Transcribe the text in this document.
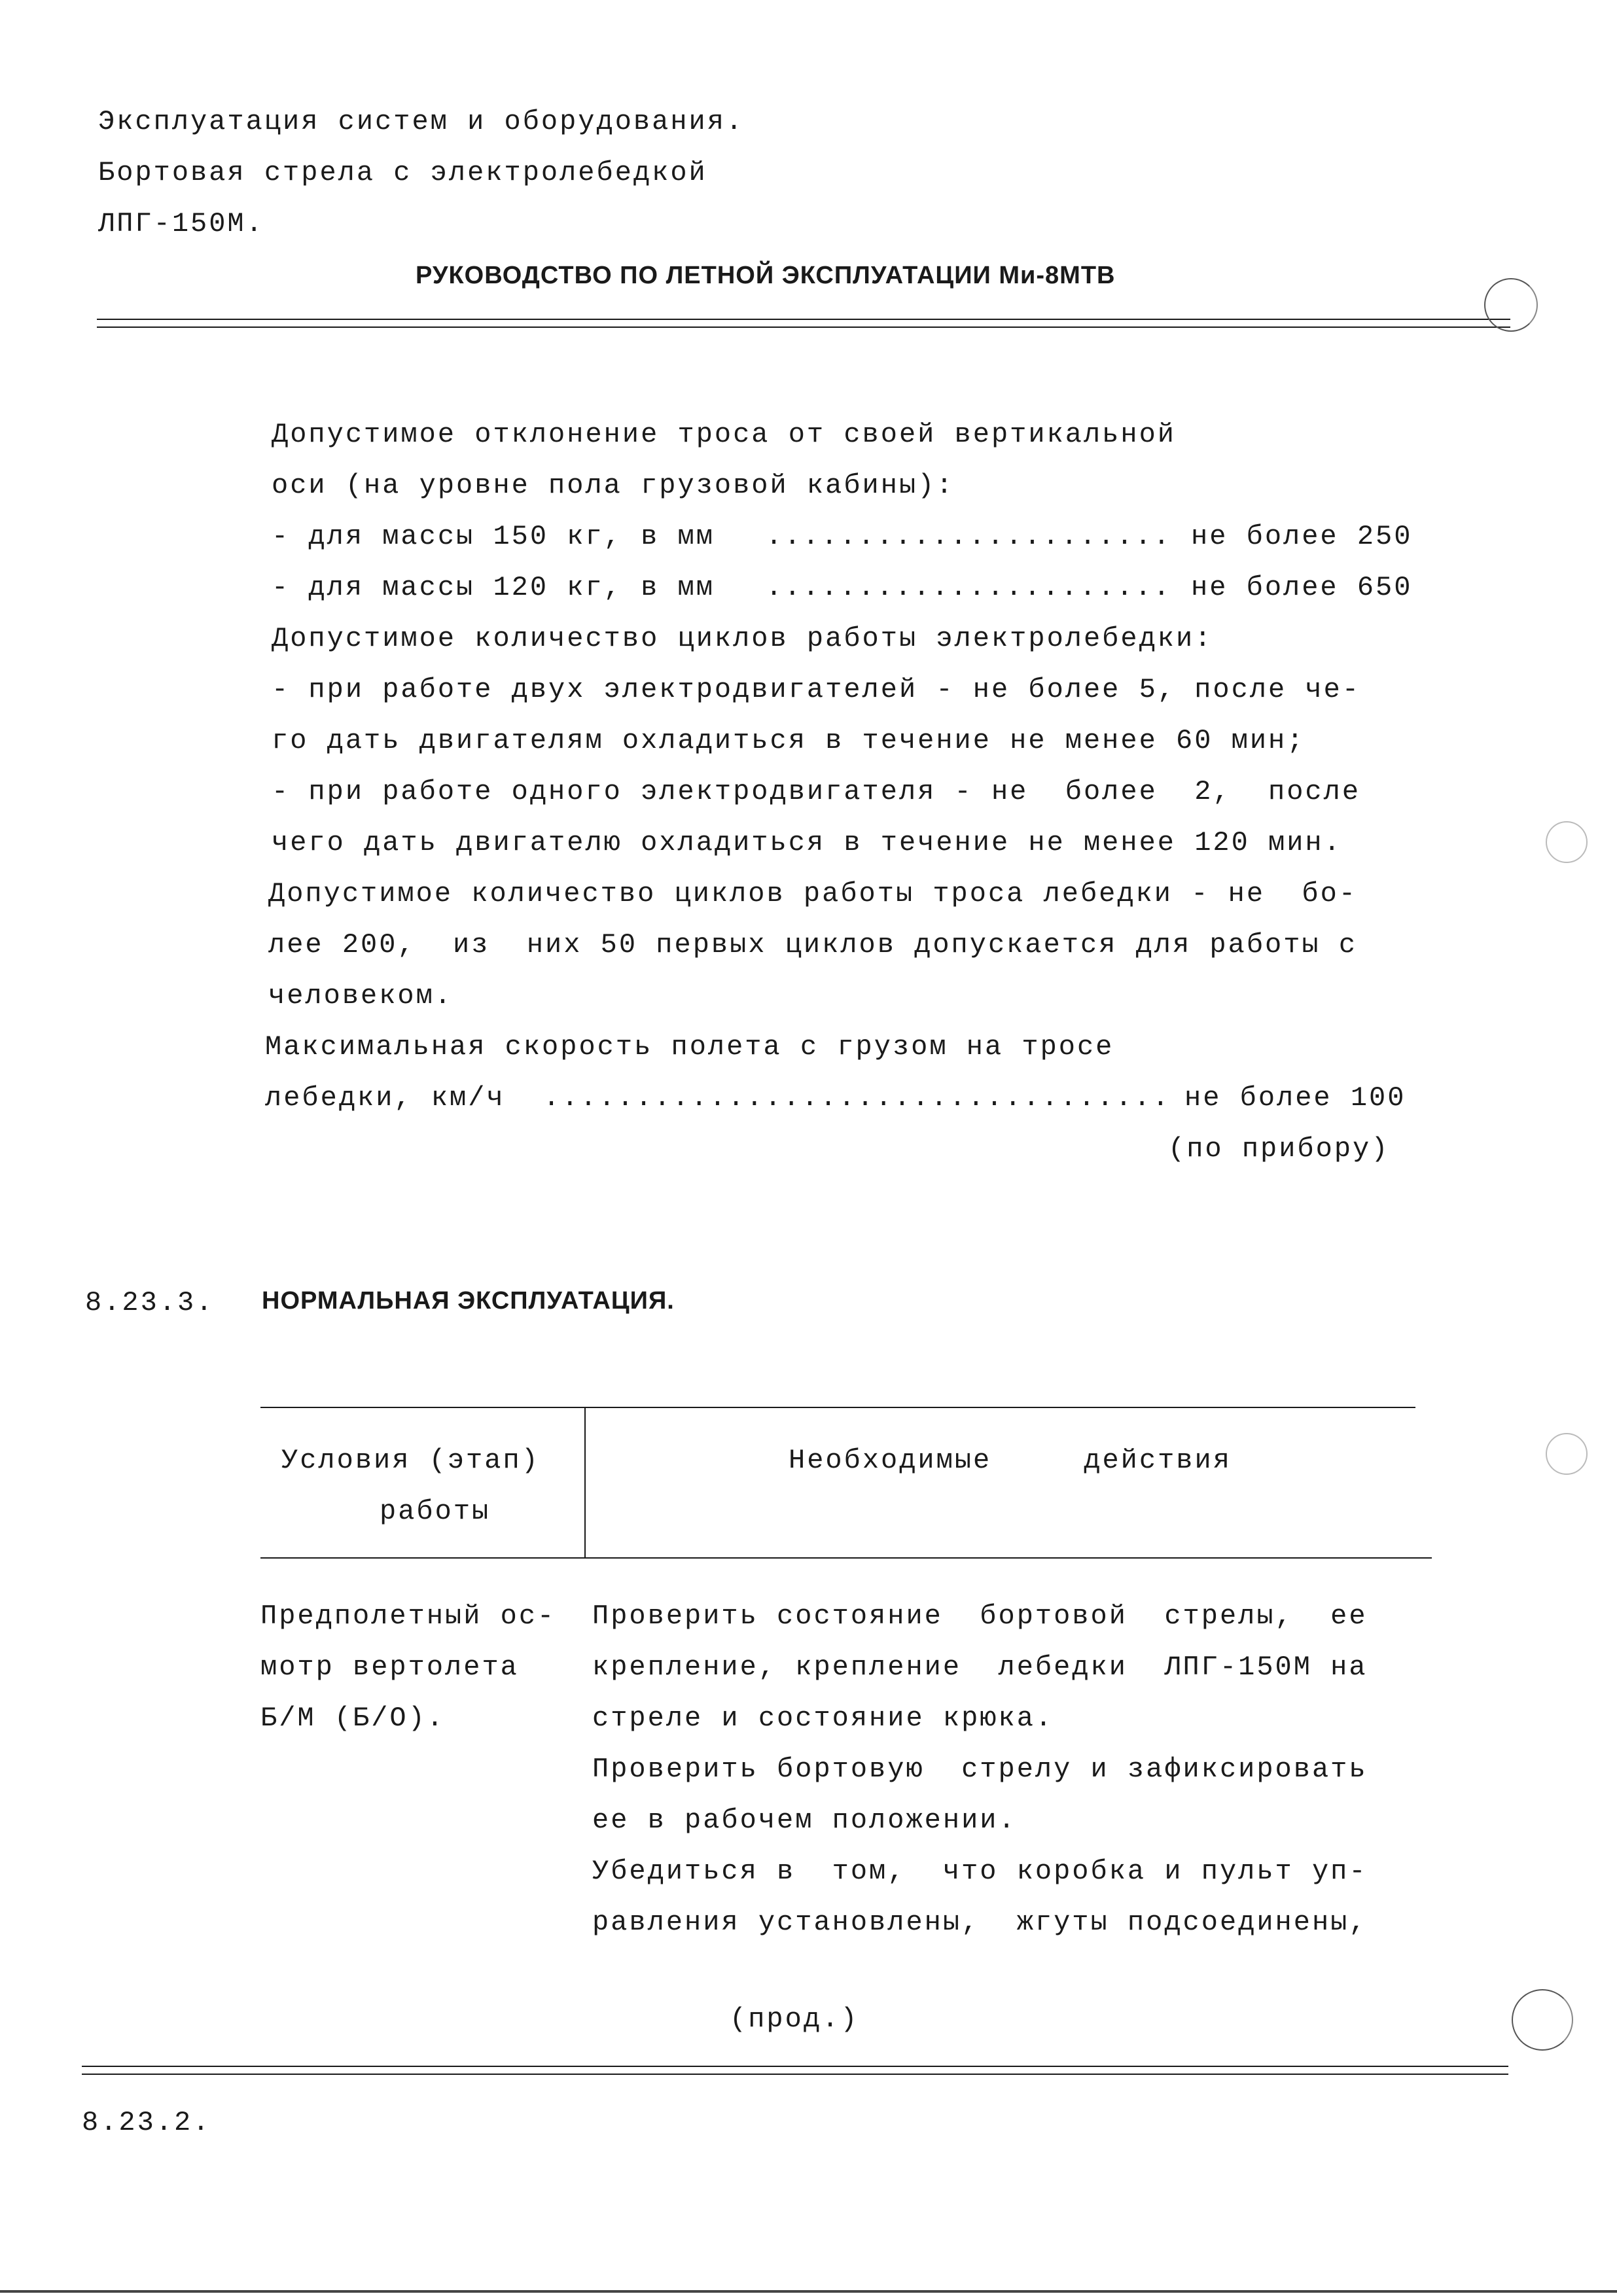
Эксплуатация систем и оборудования.
Бортовая стрела с электролебедкой
ЛПГ-150М.
РУКОВОДСТВО ПО ЛЕТНОЙ ЭКСПЛУАТАЦИИ Ми-8МТВ
Допустимое отклонение троса от своей вертикальной
оси (на уровне пола грузовой кабины):
- для массы 150 кг, в мм ...................... не более 250
- для массы 120 кг, в мм ...................... не более 650
Допустимое количество циклов работы электролебедки:
- при работе двух электродвигателей - не более 5, после че-
го дать двигателям охладиться в течение не менее 60 мин;
- при работе одного электродвигателя - не  более  2,  после
чего дать двигателю охладиться в течение не менее 120 мин.
Допустимое количество циклов работы троса лебедки - не  бо-
лее 200,  из  них 50 первых циклов допускается для работы с
человеком.
Максимальная скорость полета с грузом на тросе
лебедки, км/ч .................................. не более 100
(по прибору)
8.23.3. НОРМАЛЬНАЯ ЭКСПЛУАТАЦИЯ.
Условия (этап)
работы
Необходимые     действия
Предполетный ос-
мотр вертолета
Б/М (Б/О).
Проверить состояние  бортовой  стрелы,  ее
крепление, крепление  лебедки  ЛПГ-150М на
стреле и состояние крюка.
Проверить бортовую  стрелу и зафиксировать
ее в рабочем положении.
Убедиться в  том,  что коробка и пульт уп-
равления установлены,  жгуты подсоединены,
(прод.)
8.23.2.
